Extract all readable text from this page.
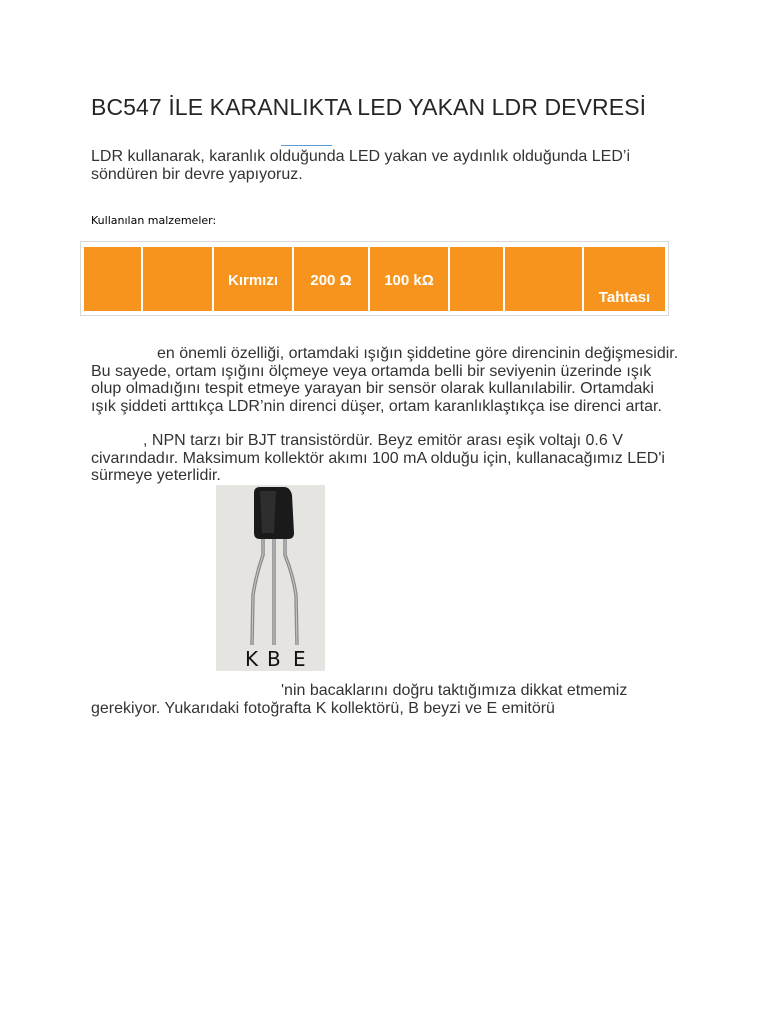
BC547 İLE KARANLIKTA LED YAKAN LDR DEVRESİ

LDR kullanarak, karanlık olduğunda LED yakan ve aydınlık olduğunda LED’i söndüren bir devre yapıyoruz.

Kullanılan malzemeler:

Kırmızı	200 Ω	100 kΩ
Tahtası

en önemli özelliği, ortamdaki ışığın şiddetine göre direncinin değişmesidir. Bu sayede, ortam ışığını ölçmeye veya ortamda belli bir seviyenin üzerinde ışık olup olmadığını tespit etmeye yarayan bir sensör olarak kullanılabilir. Ortamdaki ışık şiddeti arttıkça LDR’nin direnci düşer, ortam karanlıklaştıkça ise direnci artar.

, NPN tarzı bir BJT transistördür. Beyz emitör arası eşik voltajı 0.6 V civarındadır. Maksimum kollektör akımı 100 mA olduğu için, kullanacağımız LED'i sürmeye yeterlidir.

K B E

'nin bacaklarını doğru taktığımıza dikkat etmemiz gerekiyor. Yukarıdaki fotoğrafta K kollektörü, B beyzi ve E emitörü
